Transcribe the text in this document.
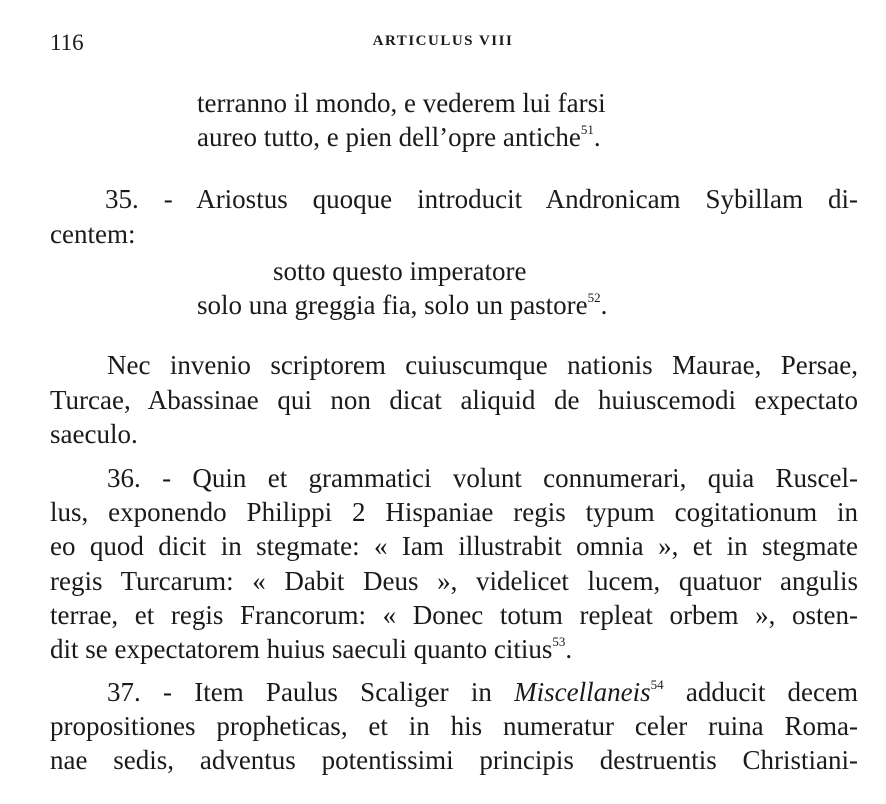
116	ARTICULUS VIII
terranno il mondo, e vederem lui farsi
aureo tutto, e pien dell’opre antiche$^{51}$.
35. - Ariostus quoque introducit Andronicam Sybillam di-
centem:
sotto questo imperatore
solo una greggia fia, solo un pastore$^{52}$.
Nec invenio scriptorem cuiuscumque nationis Maurae, Persae,
Turcae, Abassinae qui non dicat aliquid de huiuscemodi expectato
saeculo.
36. - Quin et grammatici volunt connumerari, quia Ruscel-
lus, exponendo Philippi 2 Hispaniae regis typum cogitationum in
eo quod dicit in stegmate: « Iam illustrabit omnia », et in stegmate
regis Turcarum: « Dabit Deus », videlicet lucem, quatuor angulis
terrae, et regis Francorum: « Donec totum repleat orbem », osten-
dit se expectatorem huius saeculi quanto citius$^{53}$.
37. - Item Paulus Scaliger in Miscellaneis$^{54}$ adducit decem
propositiones propheticas, et in his numeratur celer ruina Roma-
nae sedis, adventus potentissimi principis destruentis Christiani-
